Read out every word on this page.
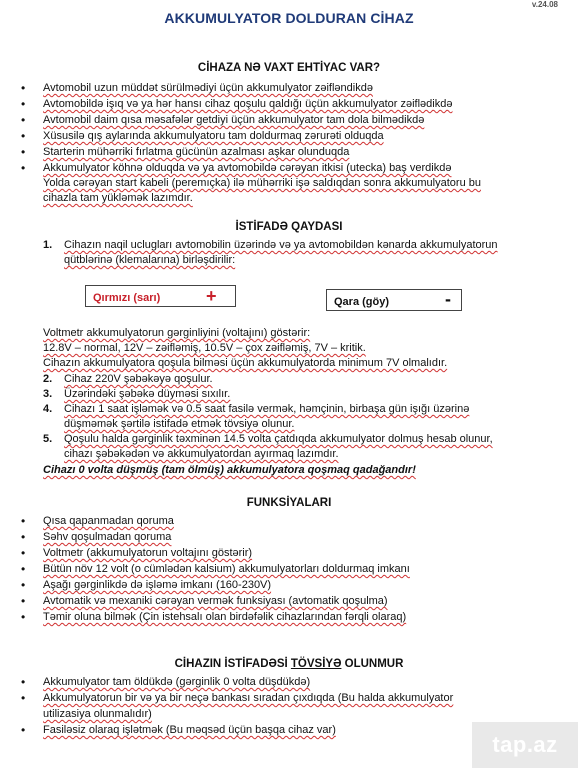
v.24.08
AKKUMULYATOR DOLDURAN CİHAZ
CİHAZA NƏ VAXT EHTİYAC VAR?
• Avtomobil uzun müddət sürülmədiyi üçün akkumulyator zəifləndikdə
• Avtomobildə işıq və ya hər hansı cihaz qoşulu qaldığı üçün akkumulyator zəiflədikdə
• Avtomobil daim qısa məsafələr getdiyi üçün akkumulyator tam dola bilmədikdə
• Xüsusilə qış aylarında akkumulyatoru tam doldurmaq zərurəti olduqda
• Starterin mühərriki fırlatma gücünün azalması aşkar olunduqda
• Akkumulyator köhnə olduqda və ya avtomobildə cərəyan itkisi (utecka) baş verdikdə
Yolda cərəyan start kabeli (peremıçka) ilə mühərriki işə saldıqdan sonra akkumulyatoru bu
cihazla tam yükləmək lazımdır.
İSTİFADƏ QAYDASI
1. Cihazın naqil uclugları avtomobilin üzərində və ya avtomobildən kənarda akkumulyatorun
qütblərinə (klemalarına) birləşdirilir:
Qırmızı (sarı)	+	Qara (göy)	-
Voltmetr akkumulyatorun gərginliyini (voltajını) göstərir:
12.8V – normal, 12V – zəifləmiş, 10.5V – çox zəifləmiş, 7V – kritik.
Cihazın akkumulyatora qoşula bilməsi üçün akkumulyatorda minimum 7V olmalıdır.
2. Cihaz 220V şəbəkəyə qoşulur.
3. Üzərindəki şəbəkə düyməsi sıxılır.
4. Cihazı 1 saat işləmək və 0.5 saat fasilə vermək, həmçinin, birbaşa gün işığı üzərinə
düşməmək şərtilə istifadə etmək tövsiyə olunur.
5. Qoşulu halda gərginlik təxminən 14.5 volta çatdıqda akkumulyator dolmuş hesab olunur,
cihazı şəbəkədən və akkumulyatordan ayırmaq lazımdır.
Cihazı 0 volta düşmüş (tam ölmüş) akkumulyatora qoşmaq qadağandır!
FUNKSİYALARI
• Qısa qapanmadan qoruma
• Səhv qoşulmadan qoruma
• Voltmetr (akkumulyatorun voltajını göstərir)
• Bütün növ 12 volt (o cümlədən kalsium) akkumulyatorları doldurmaq imkanı
• Aşağı gərginlikdə də işləmə imkanı (160-230V)
• Avtomatik və mexaniki cərəyan vermək funksiyası (avtomatik qoşulma)
• Təmir oluna bilmək (Çin istehsalı olan birdəfəlik cihazlarından fərqli olaraq)
CİHAZIN İSTİFADƏSİ TÖVSİYƏ OLUNMUR
• Akkumulyator tam öldükdə (gərginlik 0 volta düşdükdə)
• Akkumulyatorun bir və ya bir neçə bankası sıradan çıxdıqda (Bu halda akkumulyator
utilizasiya olunmalıdır)
• Fasiləsiz olaraq işlətmək (Bu məqsəd üçün başqa cihaz var)
tap.az
